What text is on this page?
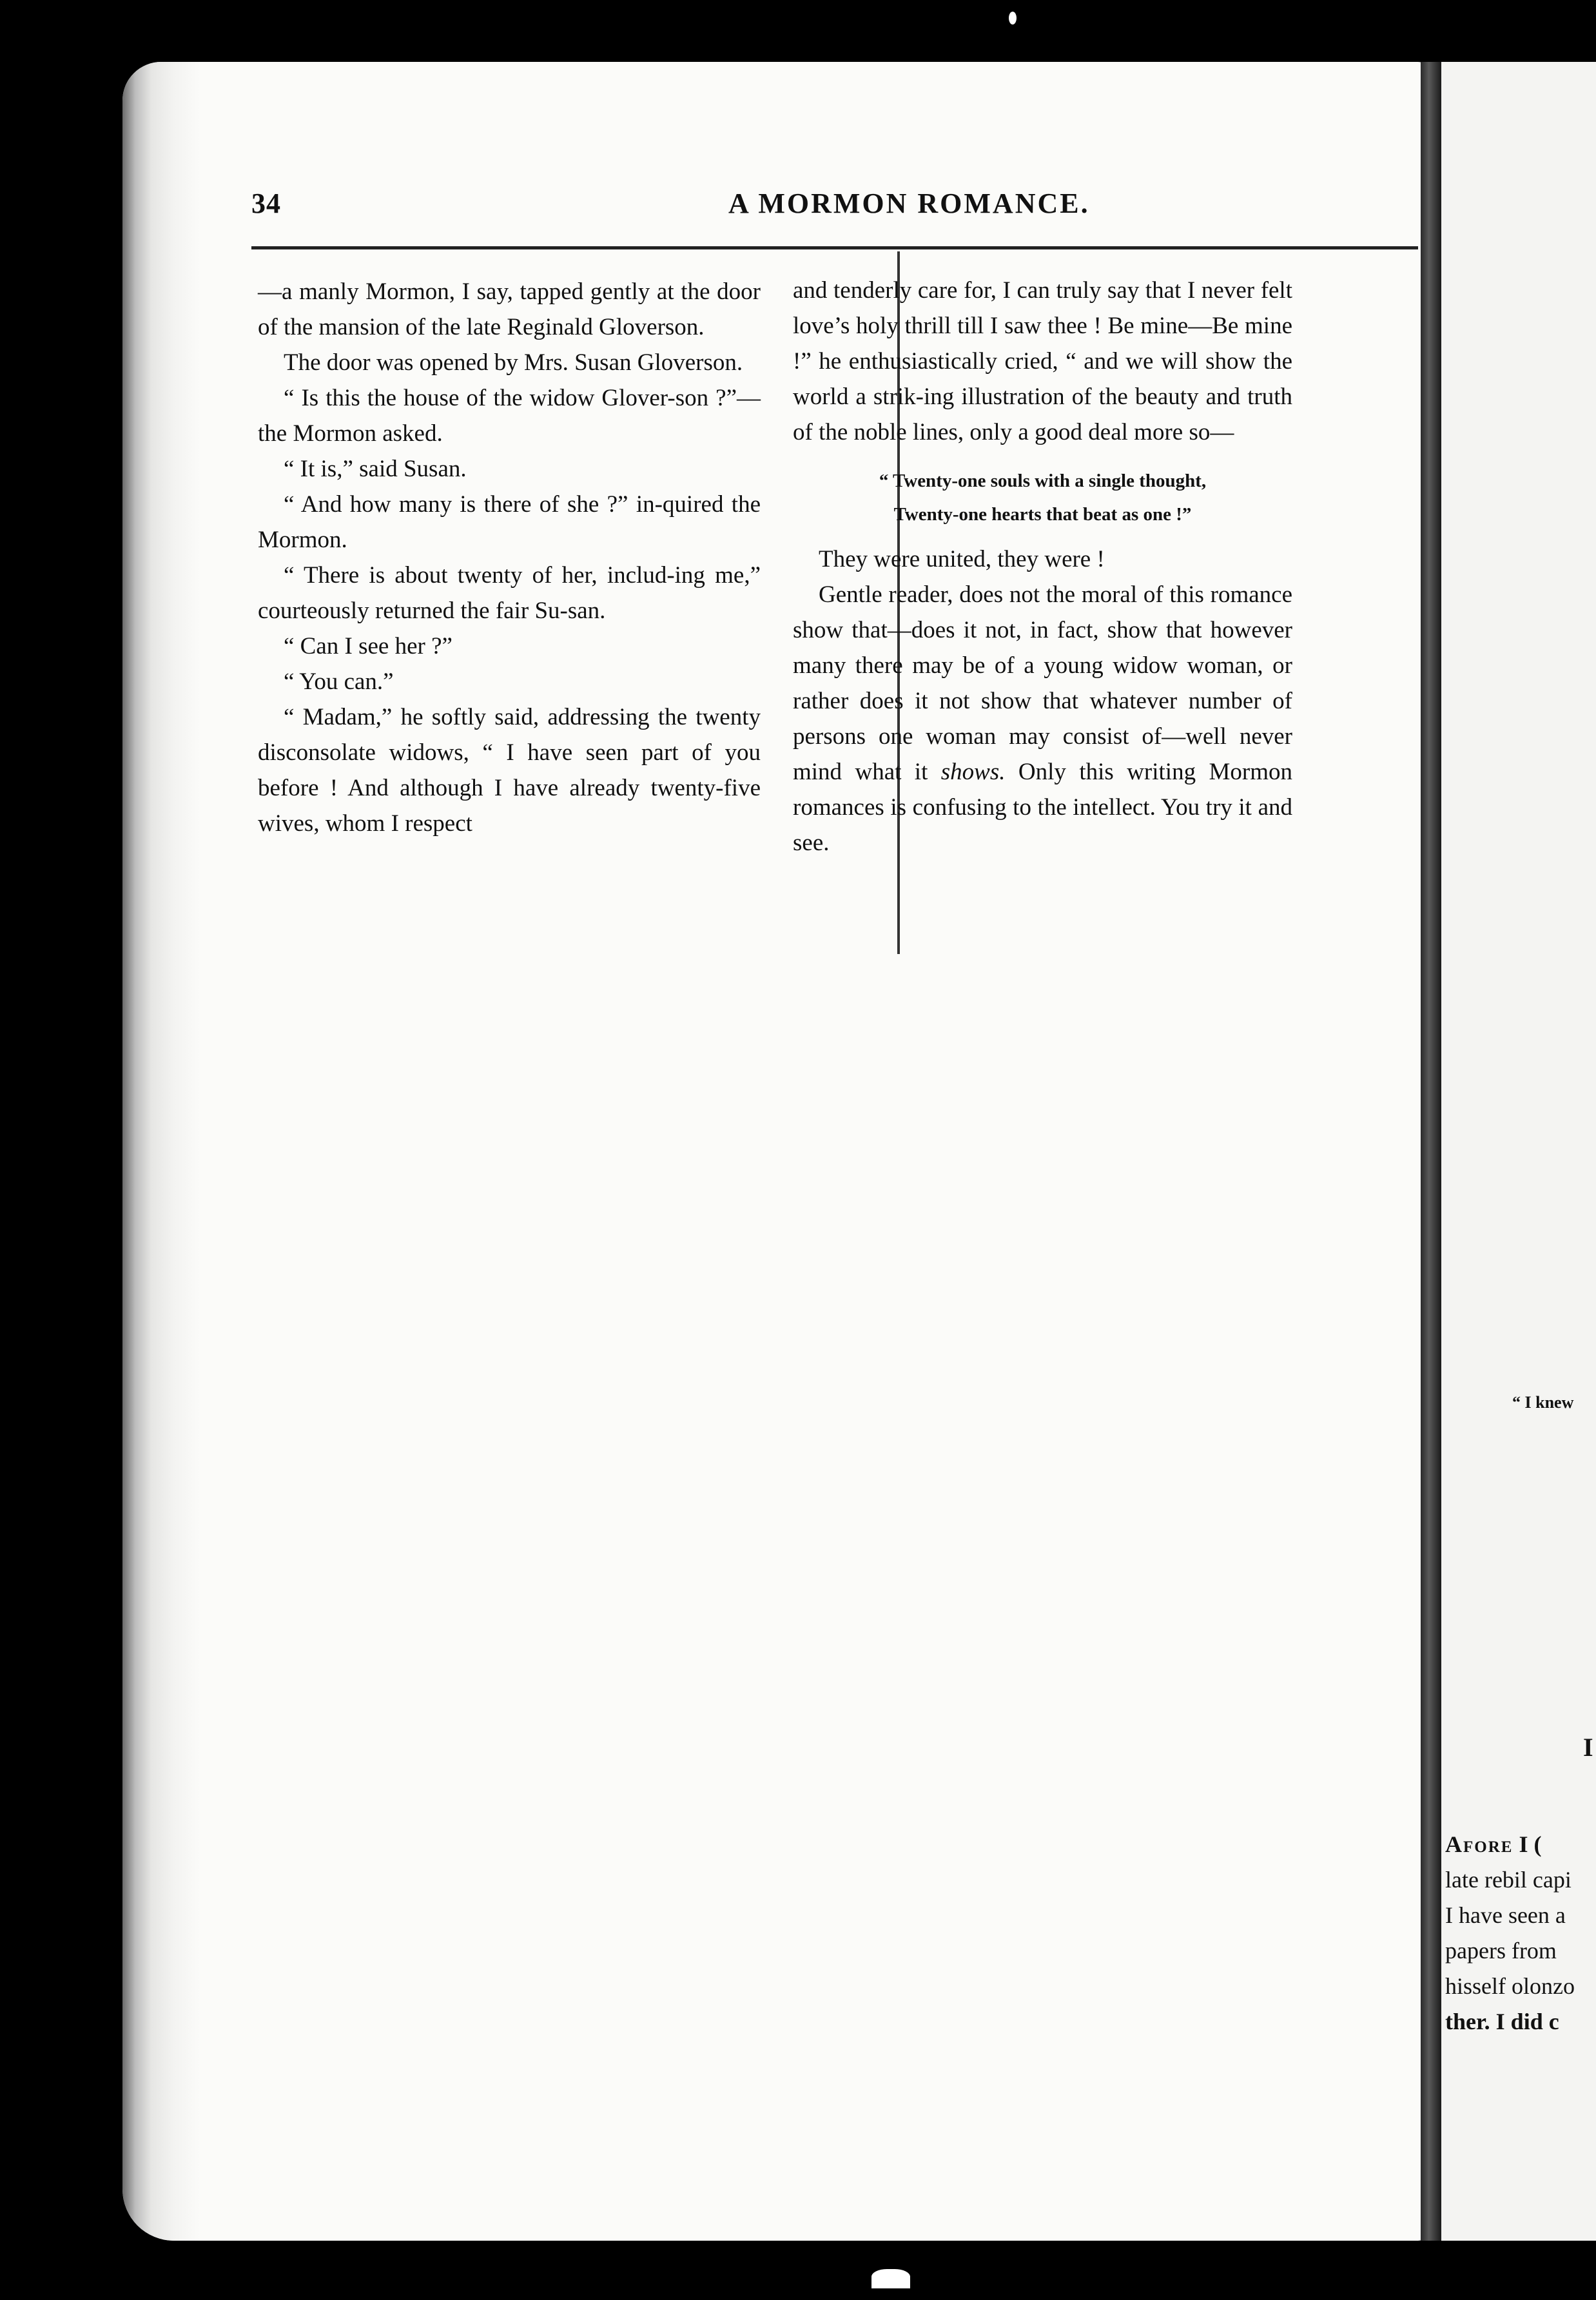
34	A MORMON ROMANCE.

—a manly Mormon, I say, tapped gently at the door of the mansion of the late Reginald Gloverson.

The door was opened by Mrs. Susan Gloverson.

“ Is this the house of the widow Glover-son ?”—the Mormon asked.

“ It is,” said Susan.

“ And how many is there of she ?” in-quired the Mormon.

“ There is about twenty of her, includ-ing me,” courteously returned the fair Su-san.

“ Can I see her ?”

“ You can.”

“ Madam,” he softly said, addressing the twenty disconsolate widows, “ I have seen part of you before ! And although I have already twenty-five wives, whom I respect

and tenderly care for, I can truly say that I never felt love’s holy thrill till I saw thee ! Be mine—Be mine !” he enthusiastically cried, “ and we will show the world a strik-ing illustration of the beauty and truth of the noble lines, only a good deal more so—

“ Twenty-one souls with a single thought,
Twenty-one hearts that beat as one !”

They were united, they were !

Gentle reader, does not the moral of this romance show that—does it not, in fact, show that however many there may be of a young widow woman, or rather does it not show that whatever number of persons one woman may consist of—well never mind what it shows. Only this writing Mormon romances is confusing to the intellect. You try it and see.

“ I knew
I
Afore I (
late rebil capi
I have seen a
papers from
hisself olonzo
ther. I did c
